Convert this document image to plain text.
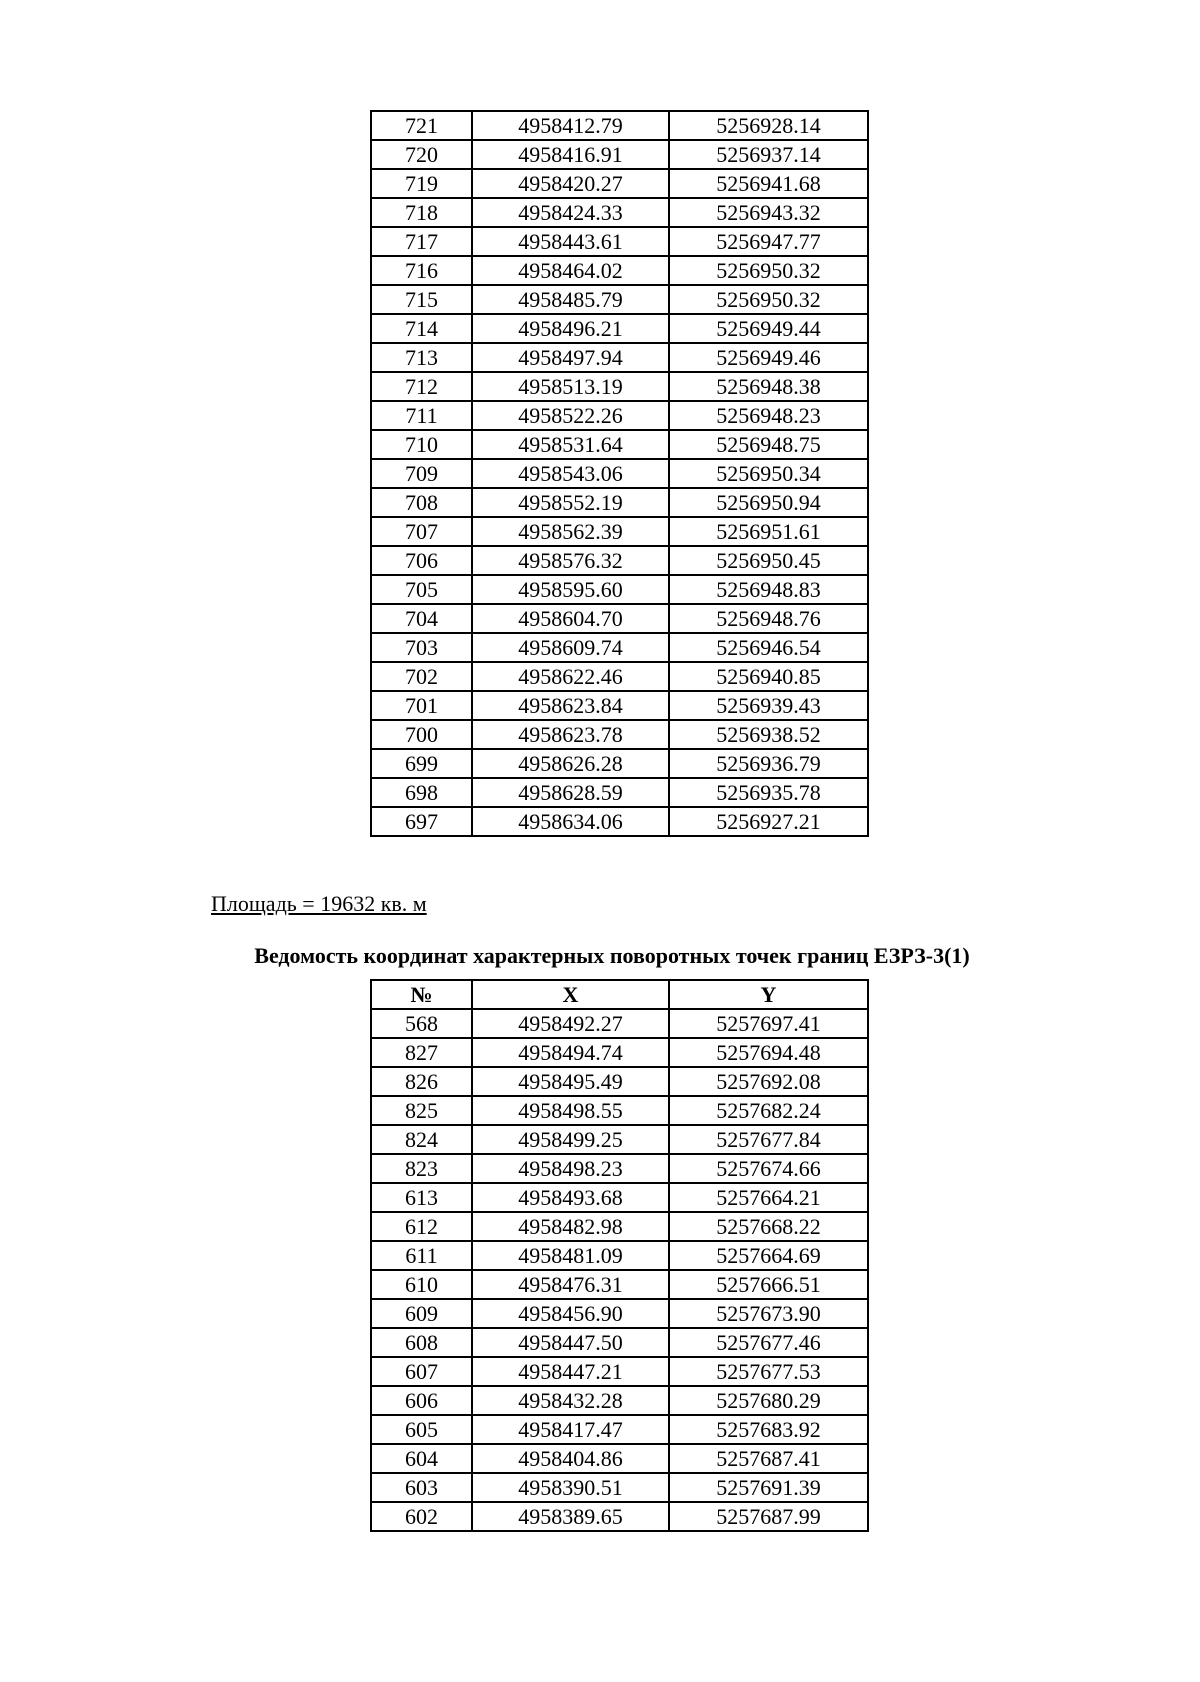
721	4958412.79	5256928.14
720	4958416.91	5256937.14
719	4958420.27	5256941.68
718	4958424.33	5256943.32
717	4958443.61	5256947.77
716	4958464.02	5256950.32
715	4958485.79	5256950.32
714	4958496.21	5256949.44
713	4958497.94	5256949.46
712	4958513.19	5256948.38
711	4958522.26	5256948.23
710	4958531.64	5256948.75
709	4958543.06	5256950.34
708	4958552.19	5256950.94
707	4958562.39	5256951.61
706	4958576.32	5256950.45
705	4958595.60	5256948.83
704	4958604.70	5256948.76
703	4958609.74	5256946.54
702	4958622.46	5256940.85
701	4958623.84	5256939.43
700	4958623.78	5256938.52
699	4958626.28	5256936.79
698	4958628.59	5256935.78
697	4958634.06	5256927.21
Площадь = 19632 кв. м
Ведомость координат характерных поворотных точек границ ЕЗРЗ-3(1)
№	X	Y
568	4958492.27	5257697.41
827	4958494.74	5257694.48
826	4958495.49	5257692.08
825	4958498.55	5257682.24
824	4958499.25	5257677.84
823	4958498.23	5257674.66
613	4958493.68	5257664.21
612	4958482.98	5257668.22
611	4958481.09	5257664.69
610	4958476.31	5257666.51
609	4958456.90	5257673.90
608	4958447.50	5257677.46
607	4958447.21	5257677.53
606	4958432.28	5257680.29
605	4958417.47	5257683.92
604	4958404.86	5257687.41
603	4958390.51	5257691.39
602	4958389.65	5257687.99
